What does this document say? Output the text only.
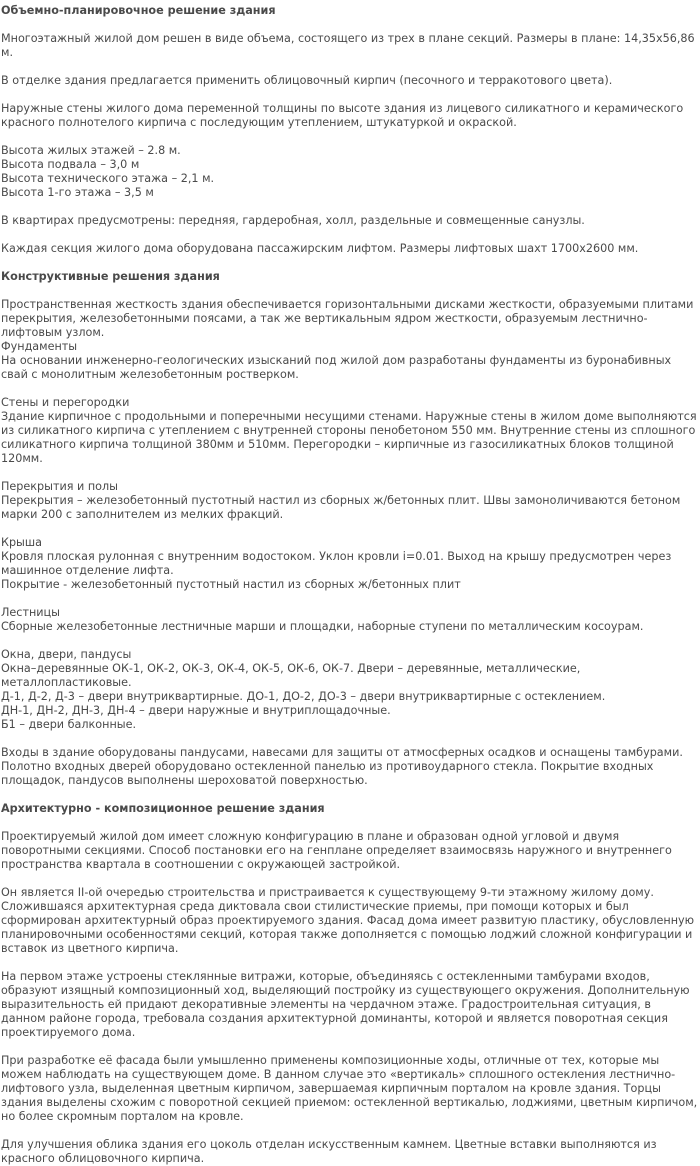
Объемно-планировочное решение здания

Многоэтажный жилой дом решен в виде объема, состоящего из трех в плане секций. Размеры в плане: 14,35х56,86 м.

В отделке здания предлагается применить облицовочный кирпич (песочного и терракотового цвета).

Наружные стены жилого дома переменной толщины по высоте здания из лицевого силикатного и керамического красного полнотелого кирпича с последующим утеплением, штукатуркой и окраской.

Высота жилых этажей – 2.8 м.

Высота подвала – 3,0 м

Высота технического этажа – 2,1 м.

Высота 1-го этажа – 3,5 м

В квартирах предусмотрены: передняя, гардеробная, холл, раздельные и совмещенные санузлы.

Каждая секция жилого дома оборудована пассажирским лифтом. Размеры лифтовых шахт 1700х2600 мм.

Конструктивные решения здания

Пространственная жесткость здания обеспечивается горизонтальными дисками жесткости, образуемыми плитами перекрытия, железобетонными поясами, а так же вертикальным ядром жесткости, образуемым лестнично-лифтовым узлом.

Фундаменты

На основании инженерно-геологических изысканий под жилой дом разработаны фундаменты из буронабивных свай с монолитным железобетонным ростверком.

Стены и перегородки

Здание кирпичное с продольными и поперечными несущими стенами. Наружные стены в жилом доме выполняются из силикатного кирпича с утеплением с внутренней стороны пенобетоном 550 мм. Внутренние стены из сплошного силикатного кирпича толщиной 380мм и 510мм. Перегородки – кирпичные из газосиликатных блоков толщиной 120мм.

Перекрытия и полы

Перекрытия – железобетонный пустотный настил из сборных ж/бетонных плит. Швы замоноличиваются бетоном марки 200 с заполнителем из мелких фракций.

Крыша

Кровля плоская рулонная с внутренним водостоком. Уклон кровли i=0.01. Выход на крышу предусмотрен через машинное отделение лифта.

Покрытие - железобетонный пустотный настил из сборных ж/бетонных плит

Лестницы

Сборные железобетонные лестничные марши и площадки, наборные ступени по металлическим косоурам.

Окна, двери, пандусы

Окна–деревянные ОК-1, ОК-2, ОК-3, ОК-4, ОК-5, ОК-6, ОК-7. Двери – деревянные, металлические, металлопластиковые.

Д-1, Д-2, Д-3 – двери внутриквартирные. ДО-1, ДО-2, ДО-3 – двери внутриквартирные с остеклением.

ДН-1, ДН-2, ДН-3, ДН-4 – двери наружные и внутриплощадочные.

Б1 – двери балконные.

Входы в здание оборудованы пандусами, навесами для защиты от атмосферных осадков и оснащены тамбурами. Полотно входных дверей оборудовано остекленной панелью из противоударного стекла. Покрытие входных площадок, пандусов выполнены шероховатой поверхностью.

Архитектурно - композиционное решение здания

Проектируемый жилой дом имеет сложную конфигурацию в плане и образован одной угловой и двумя поворотными секциями. Способ постановки его на генплане определяет взаимосвязь наружного и внутреннего пространства квартала в соотношении с окружающей застройкой.

Он является II-ой очередью строительства и пристраивается к существующему 9-ти этажному жилому дому. Сложившаяся архитектурная среда диктовала свои стилистические приемы, при помощи которых и был сформирован архитектурный образ проектируемого здания. Фасад дома имеет развитую пластику, обусловленную планировочными особенностями секций, которая также дополняется с помощью лоджий сложной конфигурации и вставок из цветного кирпича.

На первом этаже устроены стеклянные витражи, которые, объединяясь с остекленными тамбурами входов, образуют изящный композиционный ход, выделяющий постройку из существующего окружения. Дополнительную выразительность ей придают декоративные элементы на чердачном этаже. Градостроительная ситуация, в данном районе города, требовала создания архитектурной доминанты, которой и является поворотная секция проектируемого дома.

При разработке её фасада были умышленно применены композиционные ходы, отличные от тех, которые мы можем наблюдать на существующем доме. В данном случае это «вертикаль» сплошного остекления лестнично-лифтового узла, выделенная цветным кирпичом, завершаемая кирпичным порталом на кровле здания. Торцы здания выделены схожим с поворотной секцией приемом: остекленной вертикалью, лоджиями, цветным кирпичом, но более скромным порталом на кровле.

Для улучшения облика здания его цоколь отделан искусственным камнем. Цветные вставки выполняются из красного облицовочного кирпича.
